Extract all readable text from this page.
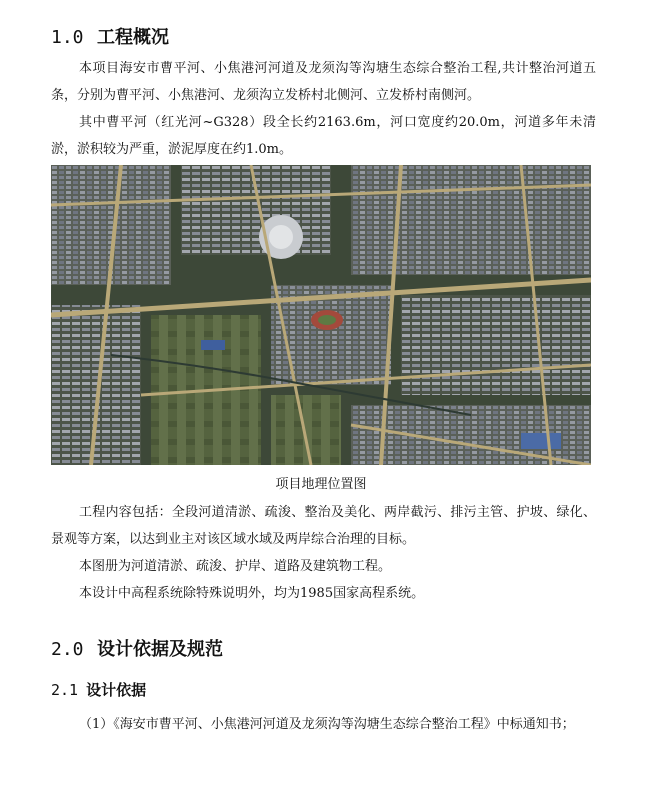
1.0 工程概况

本项目海安市曹平河、小焦港河河道及龙须沟等沟塘生态综合整治工程,共计整治河道五条，分别为曹平河、小焦港河、龙须沟立发桥村北侧河、立发桥村南侧河。

其中曹平河（红光河~G328）段全长约2163.6m，河口宽度约20.0m，河道多年未清淤，淤积较为严重，淤泥厚度在约1.0m。

项目地理位置图

工程内容包括：全段河道清淤、疏浚、整治及美化、两岸截污、排污主管、护坡、绿化、景观等方案，以达到业主对该区域水域及两岸综合治理的目标。

本图册为河道清淤、疏浚、护岸、道路及建筑物工程。

本设计中高程系统除特殊说明外，均为1985国家高程系统。

2.0 设计依据及规范
2.1 设计依据

（1）《海安市曹平河、小焦港河河道及龙须沟等沟塘生态综合整治工程》中标通知书；
